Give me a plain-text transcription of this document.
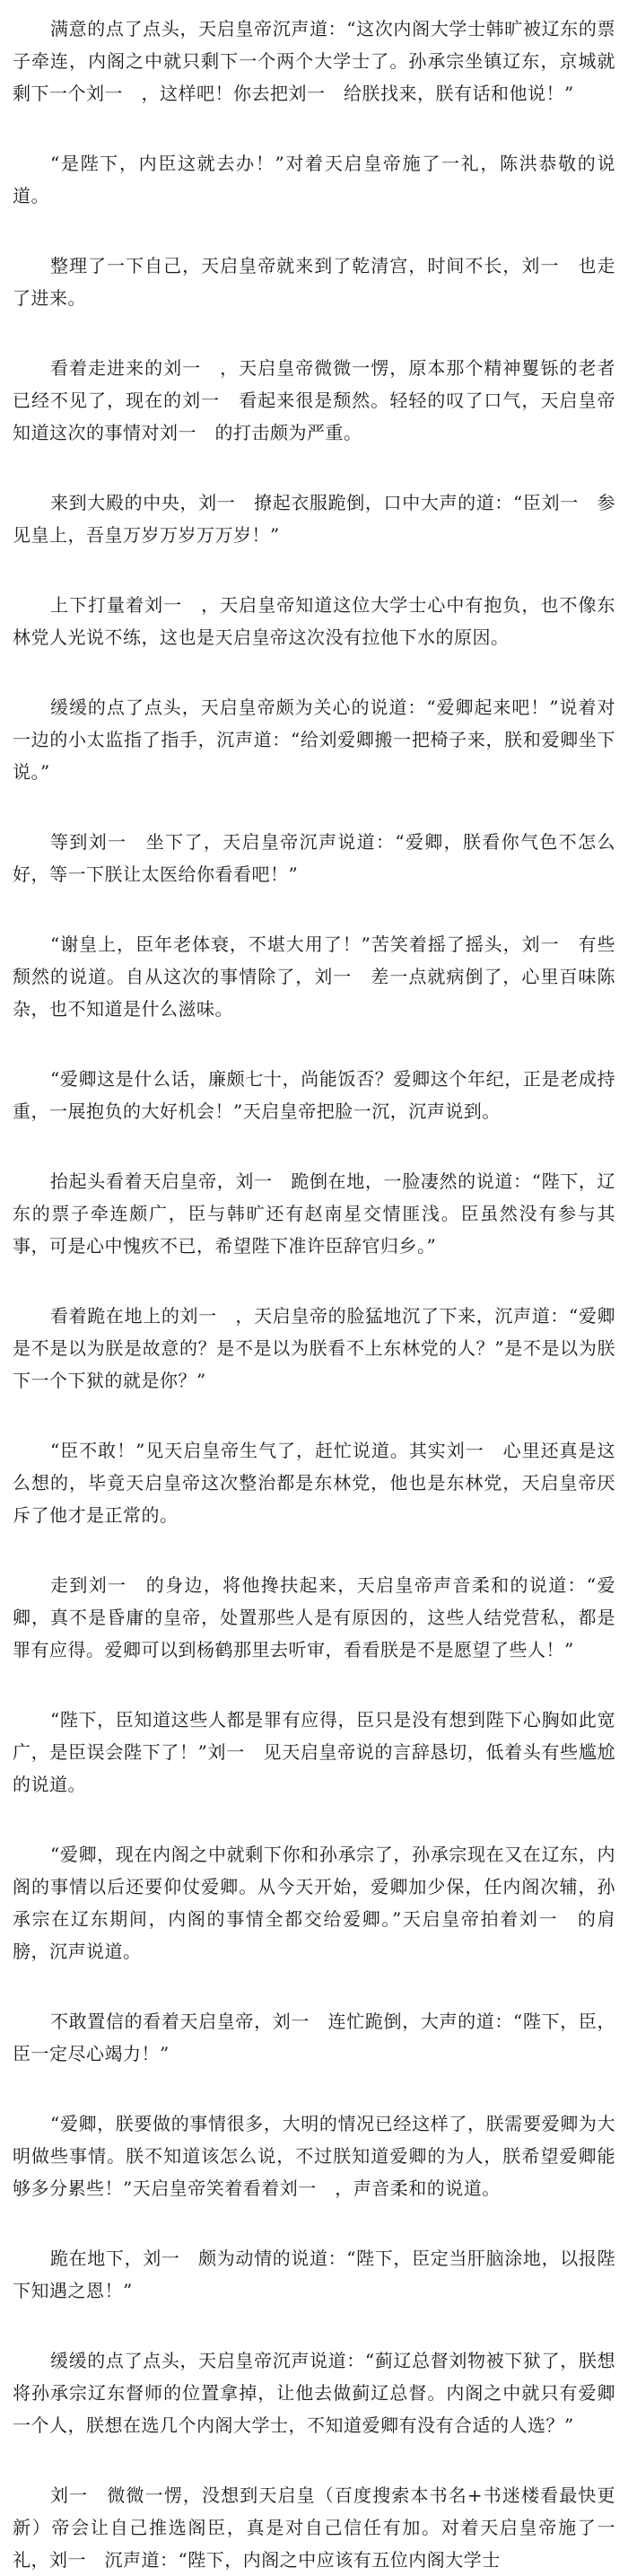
满意的点了点头，天启皇帝沉声道：“这次内阁大学士韩旷被辽东的票子牵连，内阁之中就只剩下一个两个大学士了。孙承宗坐镇辽东，京城就剩下一个刘一　，这样吧！你去把刘一　给朕找来，朕有话和他说！”

“是陛下，内臣这就去办！”对着天启皇帝施了一礼，陈洪恭敬的说道。

整理了一下自己，天启皇帝就来到了乾清宫，时间不长，刘一　也走了进来。

看着走进来的刘一　，天启皇帝微微一愣，原本那个精神矍铄的老者已经不见了，现在的刘一　看起来很是颓然。轻轻的叹了口气，天启皇帝知道这次的事情对刘一　的打击颇为严重。

来到大殿的中央，刘一　撩起衣服跪倒，口中大声的道：“臣刘一　参见皇上，吾皇万岁万岁万万岁！”

上下打量着刘一　，天启皇帝知道这位大学士心中有抱负，也不像东林党人光说不练，这也是天启皇帝这次没有拉他下水的原因。

缓缓的点了点头，天启皇帝颇为关心的说道：“爱卿起来吧！”说着对一边的小太监指了指手，沉声道：“给刘爱卿搬一把椅子来，朕和爱卿坐下说。”

等到刘一　坐下了，天启皇帝沉声说道：“爱卿，朕看你气色不怎么好，等一下朕让太医给你看看吧！”

“谢皇上，臣年老体衰，不堪大用了！”苦笑着摇了摇头，刘一　有些颓然的说道。自从这次的事情除了，刘一　差一点就病倒了，心里百味陈杂，也不知道是什么滋味。

“爱卿这是什么话，廉颇七十，尚能饭否？爱卿这个年纪，正是老成持重，一展抱负的大好机会！”天启皇帝把脸一沉，沉声说到。

抬起头看着天启皇帝，刘一　跪倒在地，一脸凄然的说道：“陛下，辽东的票子牵连颇广，臣与韩旷还有赵南星交情匪浅。臣虽然没有参与其事，可是心中愧疚不已，希望陛下准许臣辞官归乡。”

看着跪在地上的刘一　，天启皇帝的脸猛地沉了下来，沉声道：“爱卿是不是以为朕是故意的？是不是以为朕看不上东林党的人？”是不是以为朕下一个下狱的就是你？”

“臣不敢！”见天启皇帝生气了，赶忙说道。其实刘一　心里还真是这么想的，毕竟天启皇帝这次整治都是东林党，他也是东林党，天启皇帝厌斥了他才是正常的。

走到刘一　的身边，将他搀扶起来，天启皇帝声音柔和的说道：“爱卿，真不是昏庸的皇帝，处置那些人是有原因的，这些人结党营私，都是罪有应得。爱卿可以到杨鹤那里去听审，看看朕是不是愿望了些人！”

“陛下，臣知道这些人都是罪有应得，臣只是没有想到陛下心胸如此宽广，是臣误会陛下了！”刘一　见天启皇帝说的言辞恳切，低着头有些尴尬的说道。

“爱卿，现在内阁之中就剩下你和孙承宗了，孙承宗现在又在辽东，内阁的事情以后还要仰仗爱卿。从今天开始，爱卿加少保，任内阁次辅，孙承宗在辽东期间，内阁的事情全都交给爱卿。”天启皇帝拍着刘一　的肩膀，沉声说道。

不敢置信的看着天启皇帝，刘一　连忙跪倒，大声的道：“陛下，臣，臣一定尽心竭力！”

“爱卿，朕要做的事情很多，大明的情况已经这样了，朕需要爱卿为大明做些事情。朕不知道该怎么说，不过朕知道爱卿的为人，朕希望爱卿能够多分累些！”天启皇帝笑着看着刘一　，声音柔和的说道。

跪在地下，刘一　颇为动情的说道：“陛下，臣定当肝脑涂地，以报陛下知遇之恩！”

缓缓的点了点头，天启皇帝沉声说道：“蓟辽总督刘物被下狱了，朕想将孙承宗辽东督师的位置拿掉，让他去做蓟辽总督。内阁之中就只有爱卿一个人，朕想在选几个内阁大学士，不知道爱卿有没有合适的人选？”

刘一　微微一愣，没想到天启皇（百度搜索本书名+书迷楼看最快更新）帝会让自己推选阁臣，真是对自己信任有加。对着天启皇帝施了一礼，刘一　沉声道：“陛下，内阁之中应该有五位内阁大学士
